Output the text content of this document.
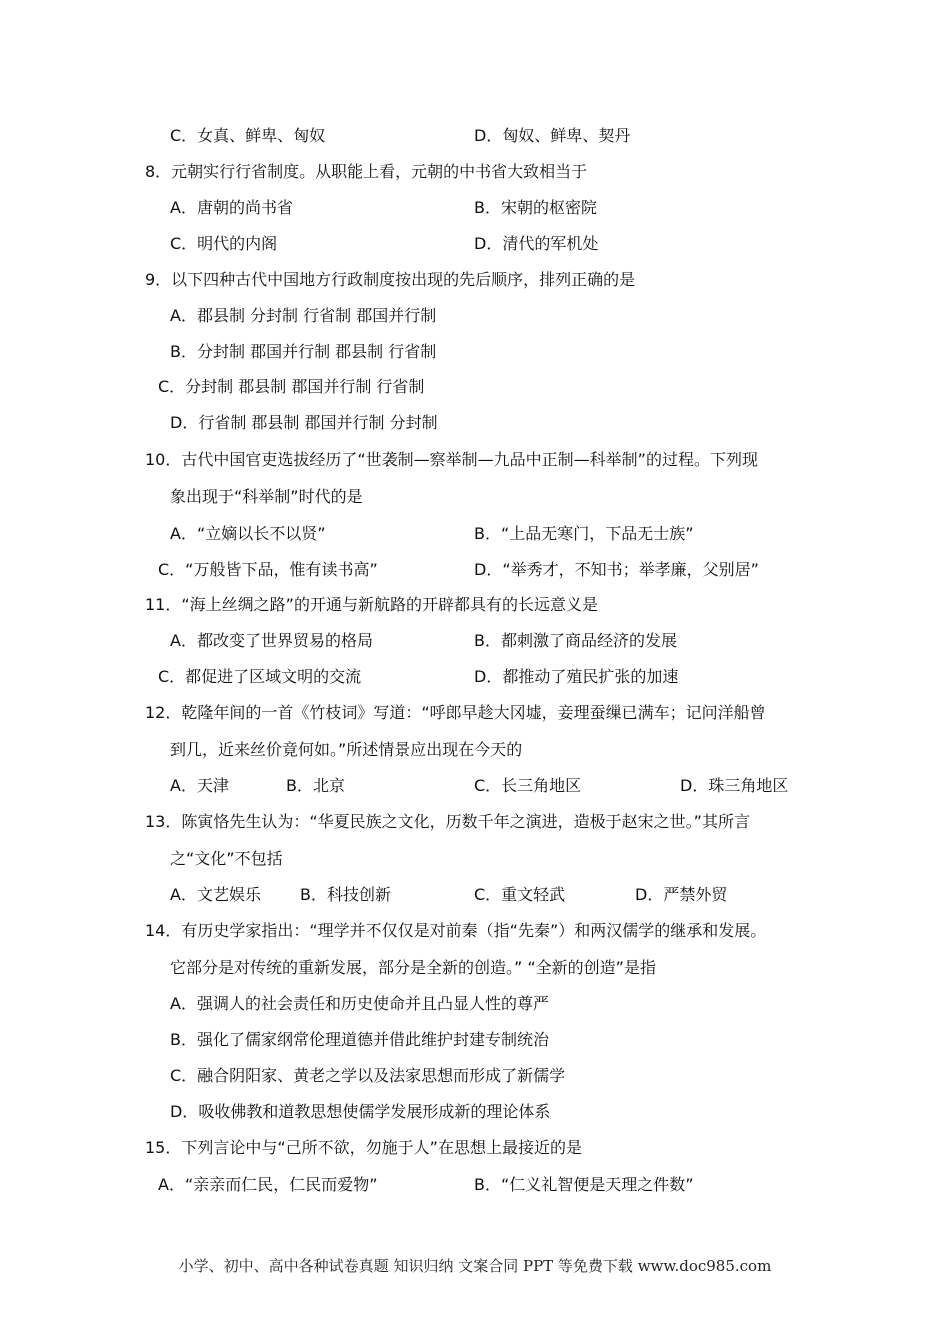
C．女真、鲜卑、匈奴	D．匈奴、鲜卑、契丹
8．元朝实行行省制度。从职能上看，元朝的中书省大致相当于
A．唐朝的尚书省	B．宋朝的枢密院
C．明代的内阁	D．清代的军机处
9．以下四种古代中国地方行政制度按出现的先后顺序，排列正确的是
A．郡县制 分封制 行省制 郡国并行制
B．分封制 郡国并行制 郡县制 行省制
C．分封制 郡县制 郡国并行制 行省制
D．行省制 郡县制 郡国并行制 分封制
10．古代中国官吏选拔经历了“世袭制—察举制—九品中正制—科举制”的过程。下列现
象出现于“科举制”时代的是
A．“立嫡以长不以贤”	B．“上品无寒门，下品无士族”
C．“万般皆下品，惟有读书高”	D．“举秀才，不知书；举孝廉，父别居”
11．“海上丝绸之路”的开通与新航路的开辟都具有的长远意义是
A．都改变了世界贸易的格局	B．都刺激了商品经济的发展
C．都促进了区域文明的交流	D．都推动了殖民扩张的加速
12．乾隆年间的一首《竹枝词》写道：“呼郎早趁大冈墟，妾理蚕缫已满车；记问洋船曾
到几，近来丝价竟何如。”所述情景应出现在今天的
A．天津	B．北京	C．长三角地区	D．珠三角地区
13．陈寅恪先生认为：“华夏民族之文化，历数千年之演进，造极于赵宋之世。”其所言
之“文化”不包括
A．文艺娱乐 B．科技创新	C．重文轻武	D．严禁外贸
14．有历史学家指出：“理学并不仅仅是对前秦（指“先秦”）和两汉儒学的继承和发展。
它部分是对传统的重新发展，部分是全新的创造。” “全新的创造”是指
A．强调人的社会责任和历史使命并且凸显人性的尊严
B．强化了儒家纲常伦理道德并借此维护封建专制统治
C．融合阴阳家、黄老之学以及法家思想而形成了新儒学
D．吸收佛教和道教思想使儒学发展形成新的理论体系
15．下列言论中与“己所不欲，勿施于人”在思想上最接近的是
A．“亲亲而仁民，仁民而爱物”	B．“仁义礼智便是天理之件数”
小学、初中、高中各种试卷真题 知识归纳 文案合同 PPT 等免费下载 www.doc985.com
